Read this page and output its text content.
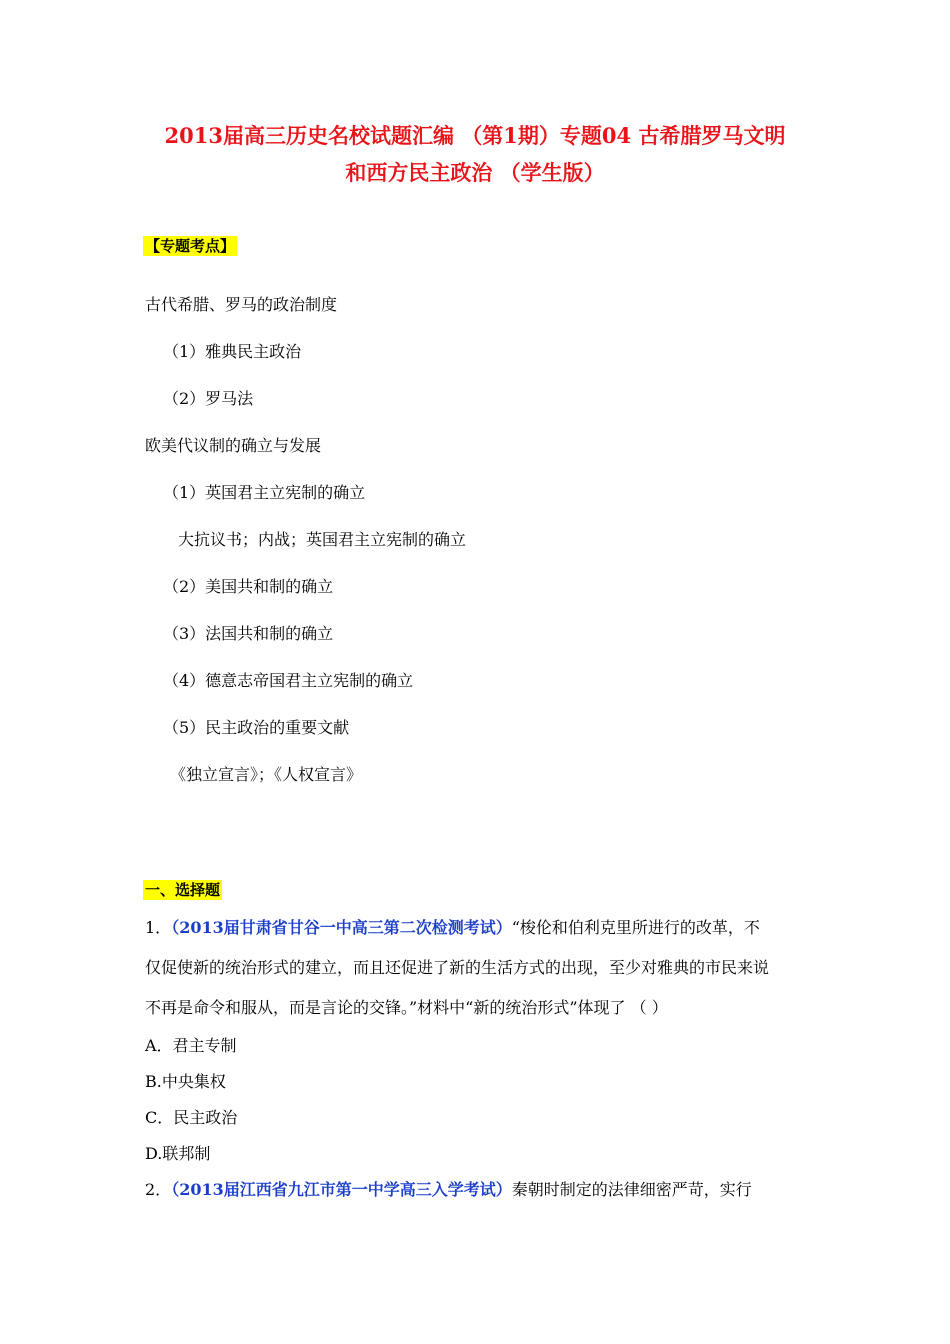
2013届高三历史名校试题汇编 （第1期）专题04 古希腊罗马文明
和西方民主政治 （学生版）
【专题考点】
古代希腊、罗马的政治制度
（1）雅典民主政治
（2）罗马法
欧美代议制的确立与发展
（1）英国君主立宪制的确立
大抗议书；内战；英国君主立宪制的确立
（2）美国共和制的确立
（3）法国共和制的确立
（4）德意志帝国君主立宪制的确立
（5）民主政治的重要文献
《独立宣言》；《人权宣言》
一、选择题
1．（2013届甘肃省甘谷一中高三第二次检测考试）“梭伦和伯利克里所进行的改革，不
仅促使新的统治形式的建立，而且还促进了新的生活方式的出现，至少对雅典的市民来说
不再是命令和服从，而是言论的交锋。”材料中“新的统治形式”体现了 （ ）
A．君主专制
B.中央集权
C．民主政治
D.联邦制
2．（2013届江西省九江市第一中学高三入学考试）秦朝时制定的法律细密严苛，实行
